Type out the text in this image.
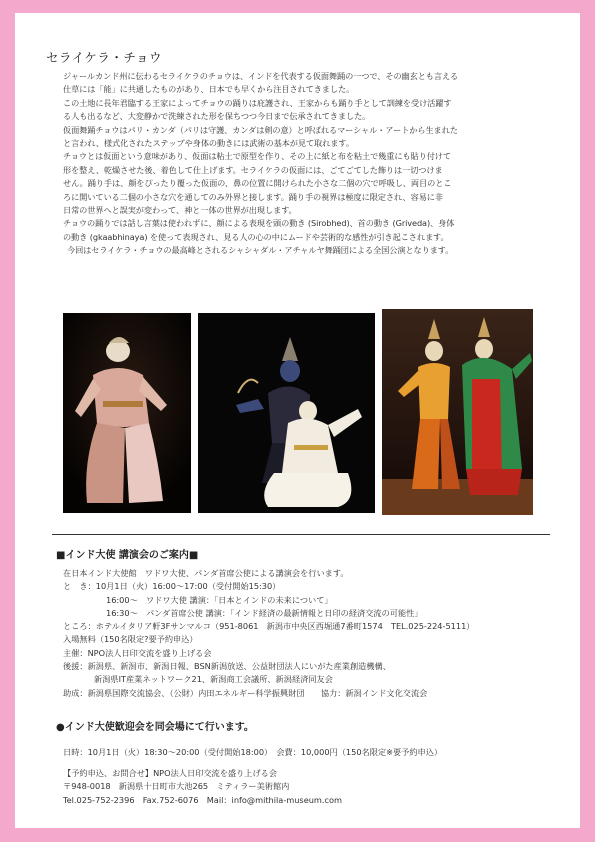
セライケラ・チョウ

ジャールカンド州に伝わるセライケラのチョウは、インドを代表する仮面舞踊の一つで、その幽玄とも言える

仕草には「能」に共通したものがあり、日本でも早くから注目されてきました。

この土地に長年君臨する王家によってチョウの踊りは庇護され、王家からも踊り手として訓練を受け活躍す

る人も出るなど、大変静かで洗練された形を保ちつつ今日まで伝承されてきました。

仮面舞踊チョウはパリ・カンダ（パリは守護、カンダは剣の意）と呼ばれるマーシャル・アートから生まれた

と言われ、様式化されたステップや身体の動きには武術の基本が見て取れます。

チョウとは仮面という意味があり、仮面は粘土で原型を作り、その上に紙と布を粘土で幾重にも貼り付けて

形を整え、乾燥させた後、着色して仕上げます。セライケラの仮面には、ごてごてした飾りは一切つけま

せん。踊り手は、顔をぴったり覆った仮面の、鼻の位置に開けられた小さな二個の穴で呼吸し、両目のとこ

ろに開いている二個の小さな穴を通してのみ外界と接します。踊り手の視界は極度に限定され、容易に非

日常の世界へと誤実が変わって、神と一体の世界が出現します。

チョウの踊りでは話し言葉は使われずに、顔による表現を頭の動き (Sirobhed)、首の動き (Griveda)、身体

の動き (gkaabhinaya) を使って表現され、見る人の心の中にムードや芸術的な感性が引き起こされます。

今回はセライケラ・チョウの最高峰とされるシャシャダル・アチャルヤ舞踊団による全国公演となります。

■インド大使 講演会のご案内■
在日本インド大使館　ワドワ大使、パンダ首席公使による講演会を行います。
と　き：10月1日（火）16:00～17:00（受付開始15:30）
16:00～　ワドワ大使 講演：「日本とインドの未来について」
16:30～　パンダ首席公使 講演：「インド経済の最新情報と日印の経済交流の可能性」
ところ：ホテルイタリア軒3Fサンマルコ（951-8061　新潟市中央区西堀通7番町1574　TEL.025-224-5111）
入場無料（150名限定?要予約申込）
主催：NPO法人日印交流を盛り上げる会
後援：新潟県、新潟市、新潟日報、BSN新潟放送、公益財団法人にいがた産業創造機構、
新潟県IT産業ネットワーク21、新潟商工会議所、新潟経済同友会
助成：新潟県国際交流協会、（公財）内田エネルギー科学振興財団　　協力：新潟インド文化交流会
●インド大使歓迎会を同会場にて行います。
日時：10月1日（火）18:30～20:00（受付開始18:00）　会費：10,000円（150名限定※要予約申込）
【予約申込、お問合せ】NPO法人日印交流を盛り上げる会
〒948-0018　新潟県十日町市大池265　ミティラー美術館内
Tel.025-752-2396　Fax.752-6076　Mail：info@mithila-museum.com
